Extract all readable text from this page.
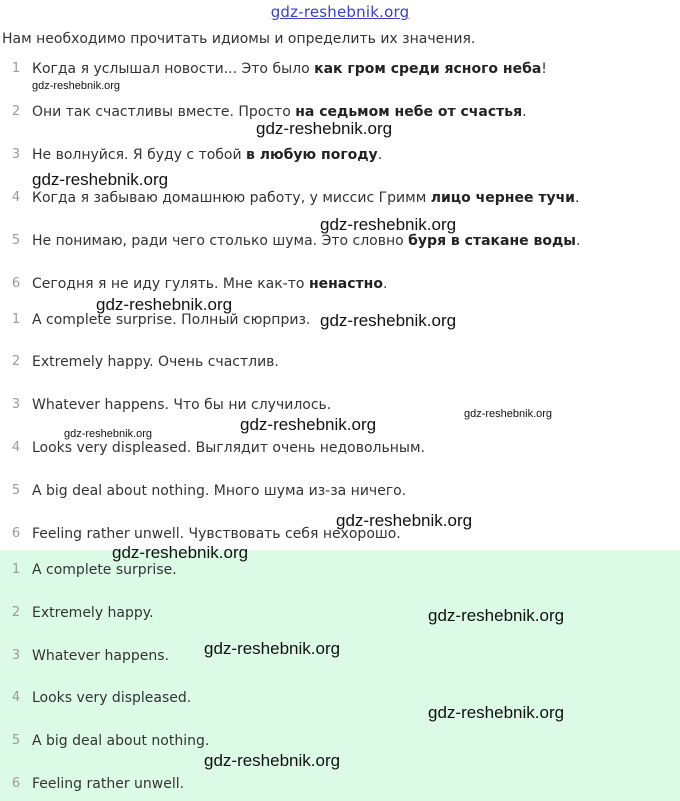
gdz-reshebnik.org
Нам необходимо прочитать идиомы и определить их значения.
1 Когда я услышал новости... Это было как гром среди ясного неба!
2 Они так счастливы вместе. Просто на седьмом небе от счастья.
3 Не волнуйся. Я буду с тобой в любую погоду.
4 Когда я забываю домашнюю работу, у миссис Гримм лицо чернее тучи.
5 Не понимаю, ради чего столько шума. Это словно буря в стакане воды.
6 Сегодня я не иду гулять. Мне как-то ненастно.
1 A complete surprise. Полный сюрприз.
2 Extremely happy. Очень счастлив.
3 Whatever happens. Что бы ни случилось.
4 Looks very displeased. Выглядит очень недовольным.
5 A big deal about nothing. Много шума из-за ничего.
6 Feeling rather unwell. Чувствовать себя нехорошо.
1 A complete surprise.
2 Extremely happy.
3 Whatever happens.
4 Looks very displeased.
5 A big deal about nothing.
6 Feeling rather unwell.
gdz-reshebnik.org
gdz-reshebnik.org
gdz-reshebnik.org
gdz-reshebnik.org
gdz-reshebnik.org
gdz-reshebnik.org
gdz-reshebnik.org
gdz-reshebnik.org
gdz-reshebnik.org
gdz-reshebnik.org
gdz-reshebnik.org
gdz-reshebnik.org
gdz-reshebnik.org
gdz-reshebnik.org
gdz-reshebnik.org
